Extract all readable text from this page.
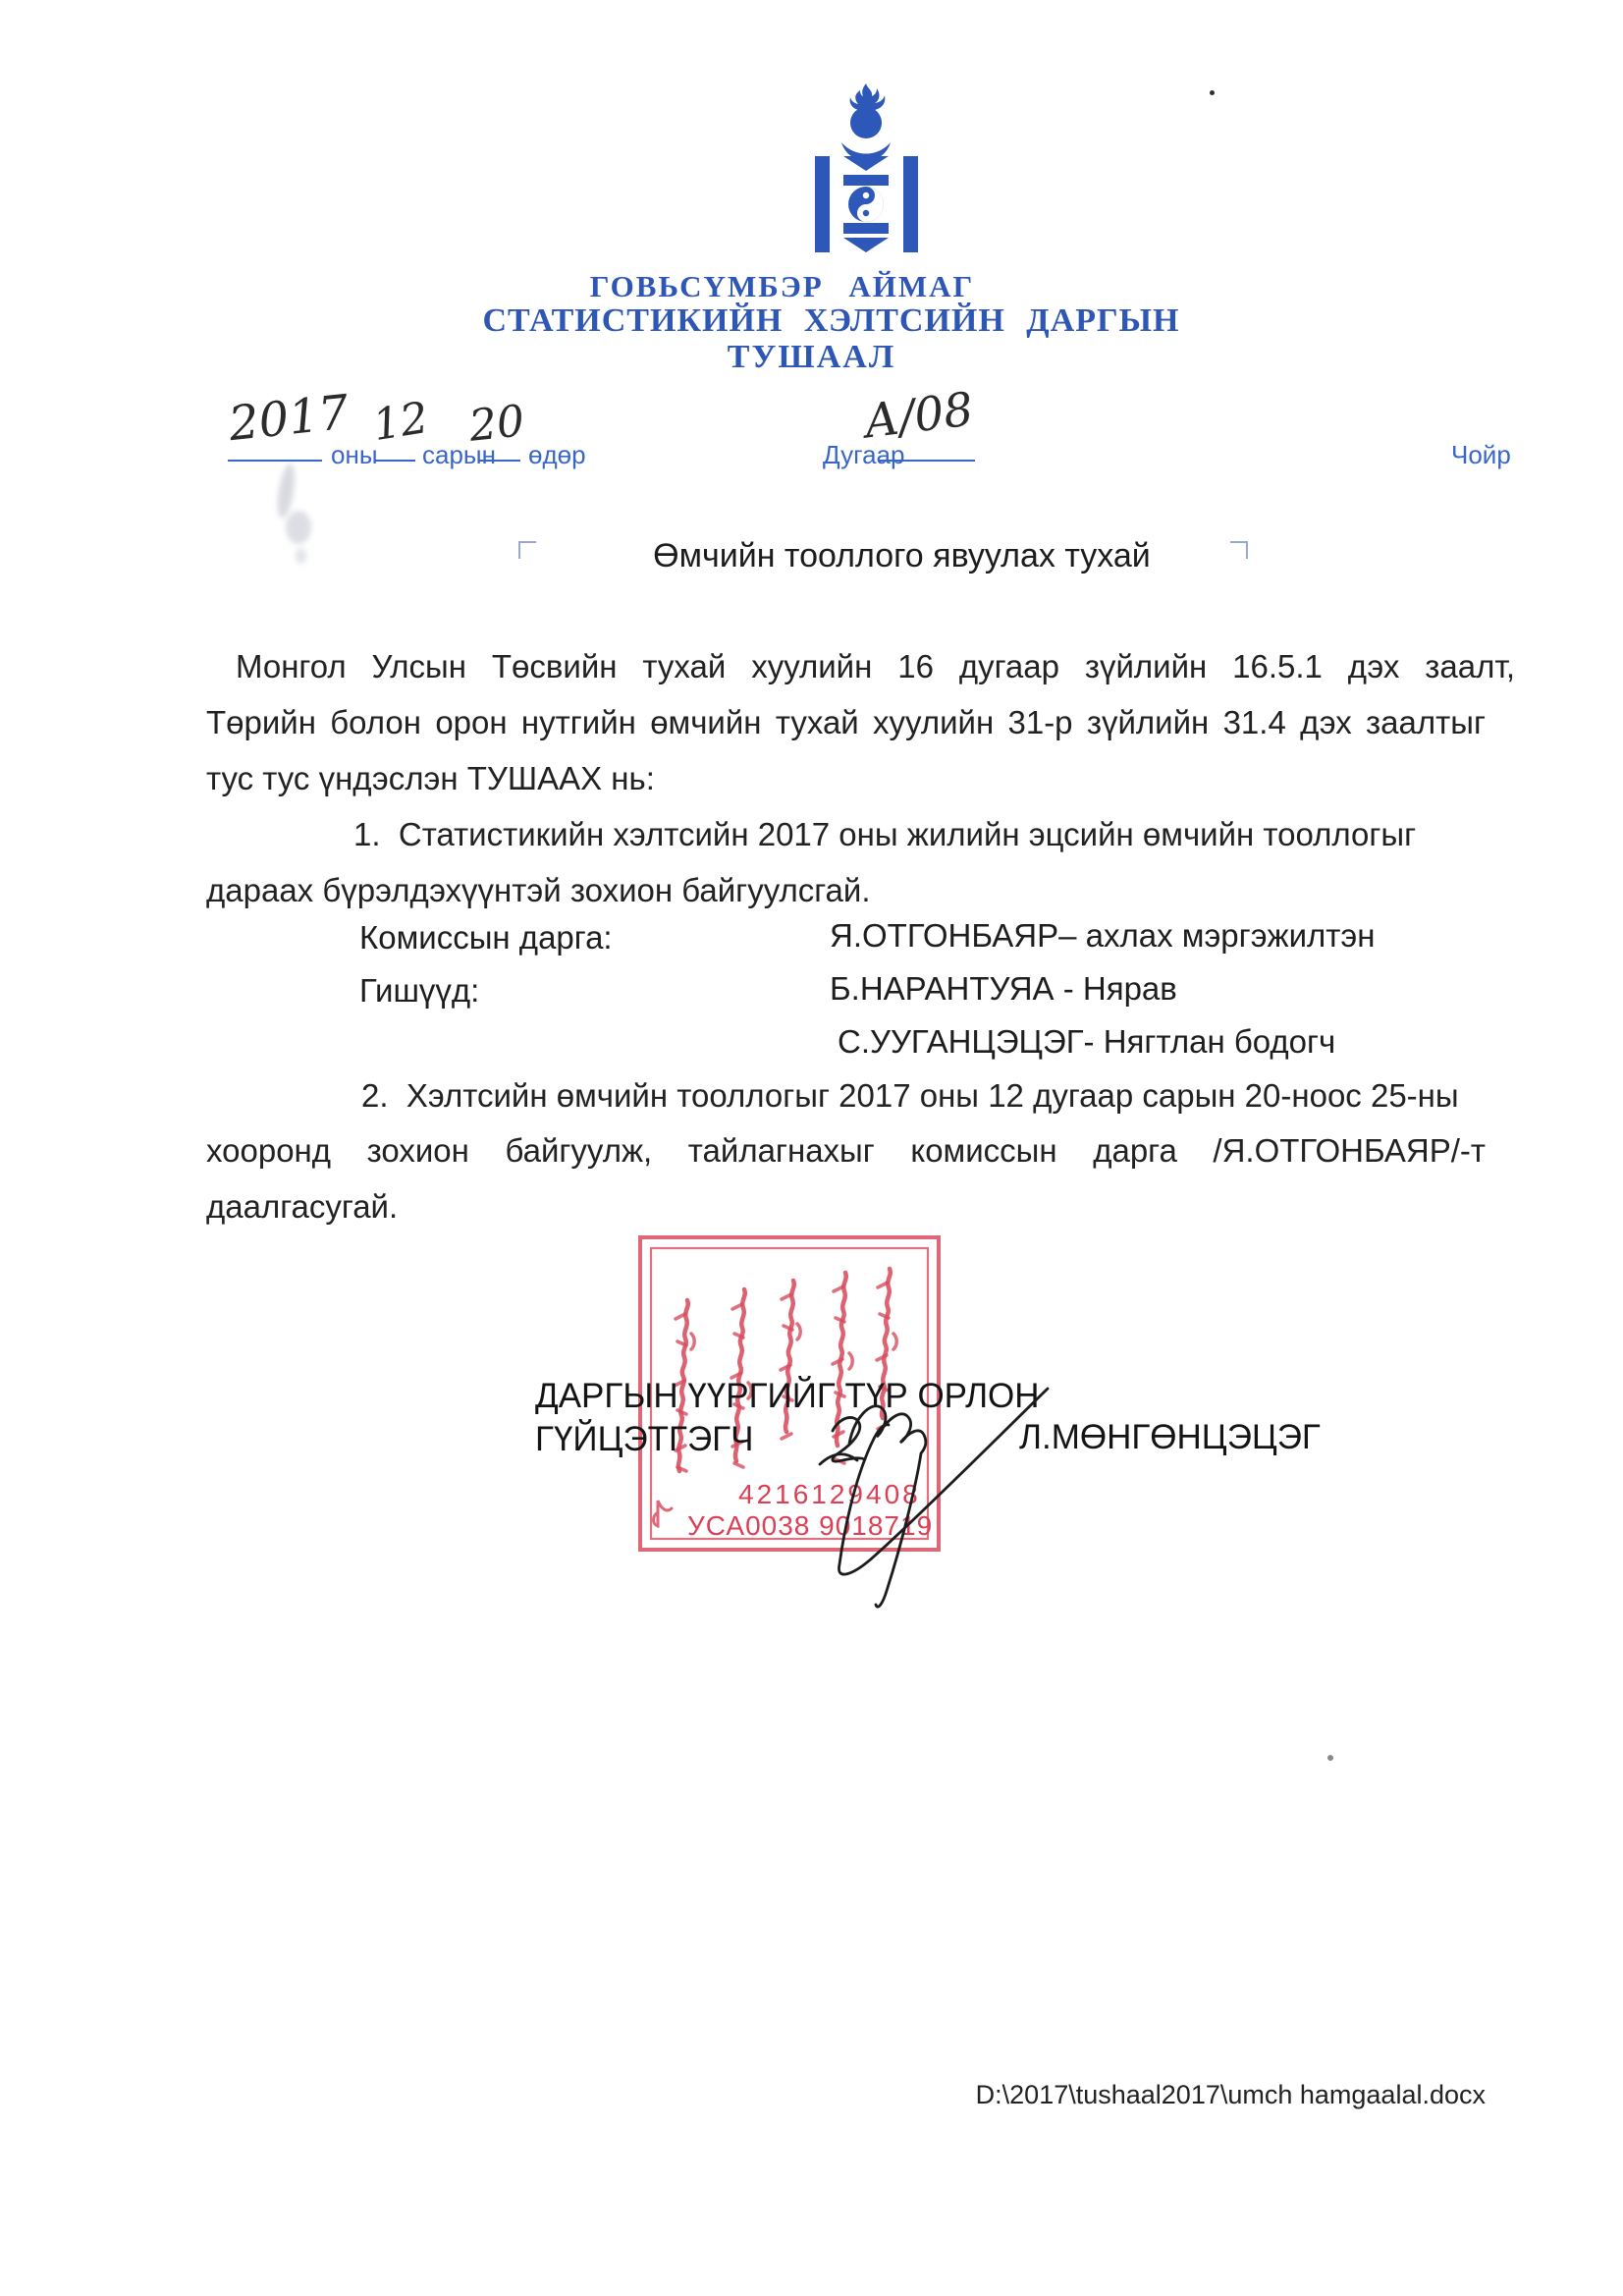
ГОВЬСҮМБЭР АЙМАГ
СТАТИСТИКИЙН ХЭЛТСИЙН ДАРГЫН
ТУШААЛ
оны сарын өдөр
2017 12 20
Дугаар
А/08
Чойр
Өмчийн тооллого явуулах тухай
Монгол Улсын Төсвийн тухай хуулийн 16 дугаар зүйлийн 16.5.1 дэх заалт,
Төрийн болон орон нутгийн өмчийн тухай хуулийн 31-р зүйлийн 31.4 дэх заалтыг
тус тус үндэслэн ТУШААХ нь:
1.  Статистикийн хэлтсийн 2017 оны жилийн эцсийн өмчийн тооллогыг
дараах бүрэлдэхүүнтэй зохион байгуулсгай.
Комиссын дарга:	Я.ОТГОНБАЯР– ахлах мэргэжилтэн
Гишүүд:	Б.НАРАНТУЯА - Нярав
С.УУГАНЦЭЦЭГ- Нягтлан бодогч
2.  Хэлтсийн өмчийн тооллогыг 2017 оны 12 дугаар сарын 20-ноос 25-ны
хооронд зохион байгуулж, тайлагнахыг комиссын дарга /Я.ОТГОНБАЯР/-т
даалгасугай.
4216129408
УСА0038 9018719
ДАРГЫН ҮҮРГИЙГ ТҮР ОРЛОН
ГҮЙЦЭТГЭГЧ	Л.МӨНГӨНЦЭЦЭГ
D:\2017\tushaal2017\umch hamgaalal.docx
